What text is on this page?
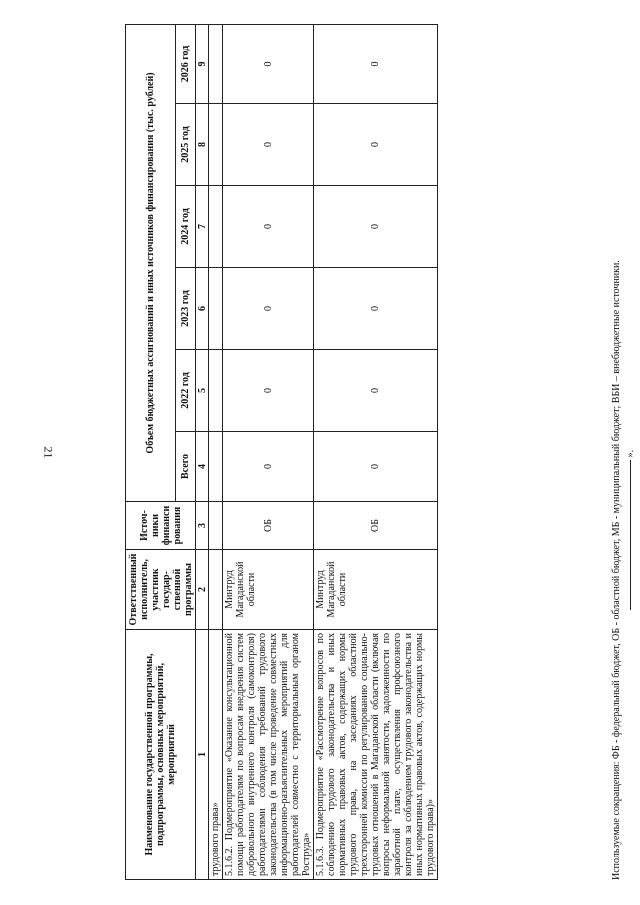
21
Наименование государственной программы, подпрограммы, основных мероприятий, мероприятий	Ответственный исполнитель, участник государ-ственной программы	Источ-ники финанси рования	Объем бюджетных ассигнований и иных источников финансирования (тыс. рублей)					
			Всего	2022 год	2023 год	2024 год	2025 год	2026 год
1	2	3	4	5	6	7	8	9
трудового права»								
5.1.6.2. Подмероприятие «Оказание консультационной помощи работодателям по вопросам внедрения систем добровольного внутреннего контроля (самоконтроля) работодателями соблюдения требований трудового законодательства (в том числе проведение совместных информационно-разъяснительных мероприятий для работодателей совместно с территориальным органом Роструда»	Минтруд Магаданской области	ОБ	0	0	0	0	0	0
5.1.6.3. Подмероприятие «Рассмотрение вопросов по соблюдению трудового законодательства и иных нормативных правовых актов, содержащих нормы трудового права, на заседаниях областной трехсторонней комиссии по регулированию социально-трудовых отношений в Магаданской области (включая вопросы неформальной занятости, задолженности по заработной плате, осуществления профсоюзного контроля за соблюдением трудового законодательства и иных нормативных правовых актов, содержащих нормы трудового права)»	Минтруд Магаданской области	ОБ	0	0	0	0	0	0
Используемые сокращения: ФБ - федеральный бюджет, ОБ - областной бюджет, МБ - муниципальный бюджет; ВБИ – внебюджетные источники. ».
